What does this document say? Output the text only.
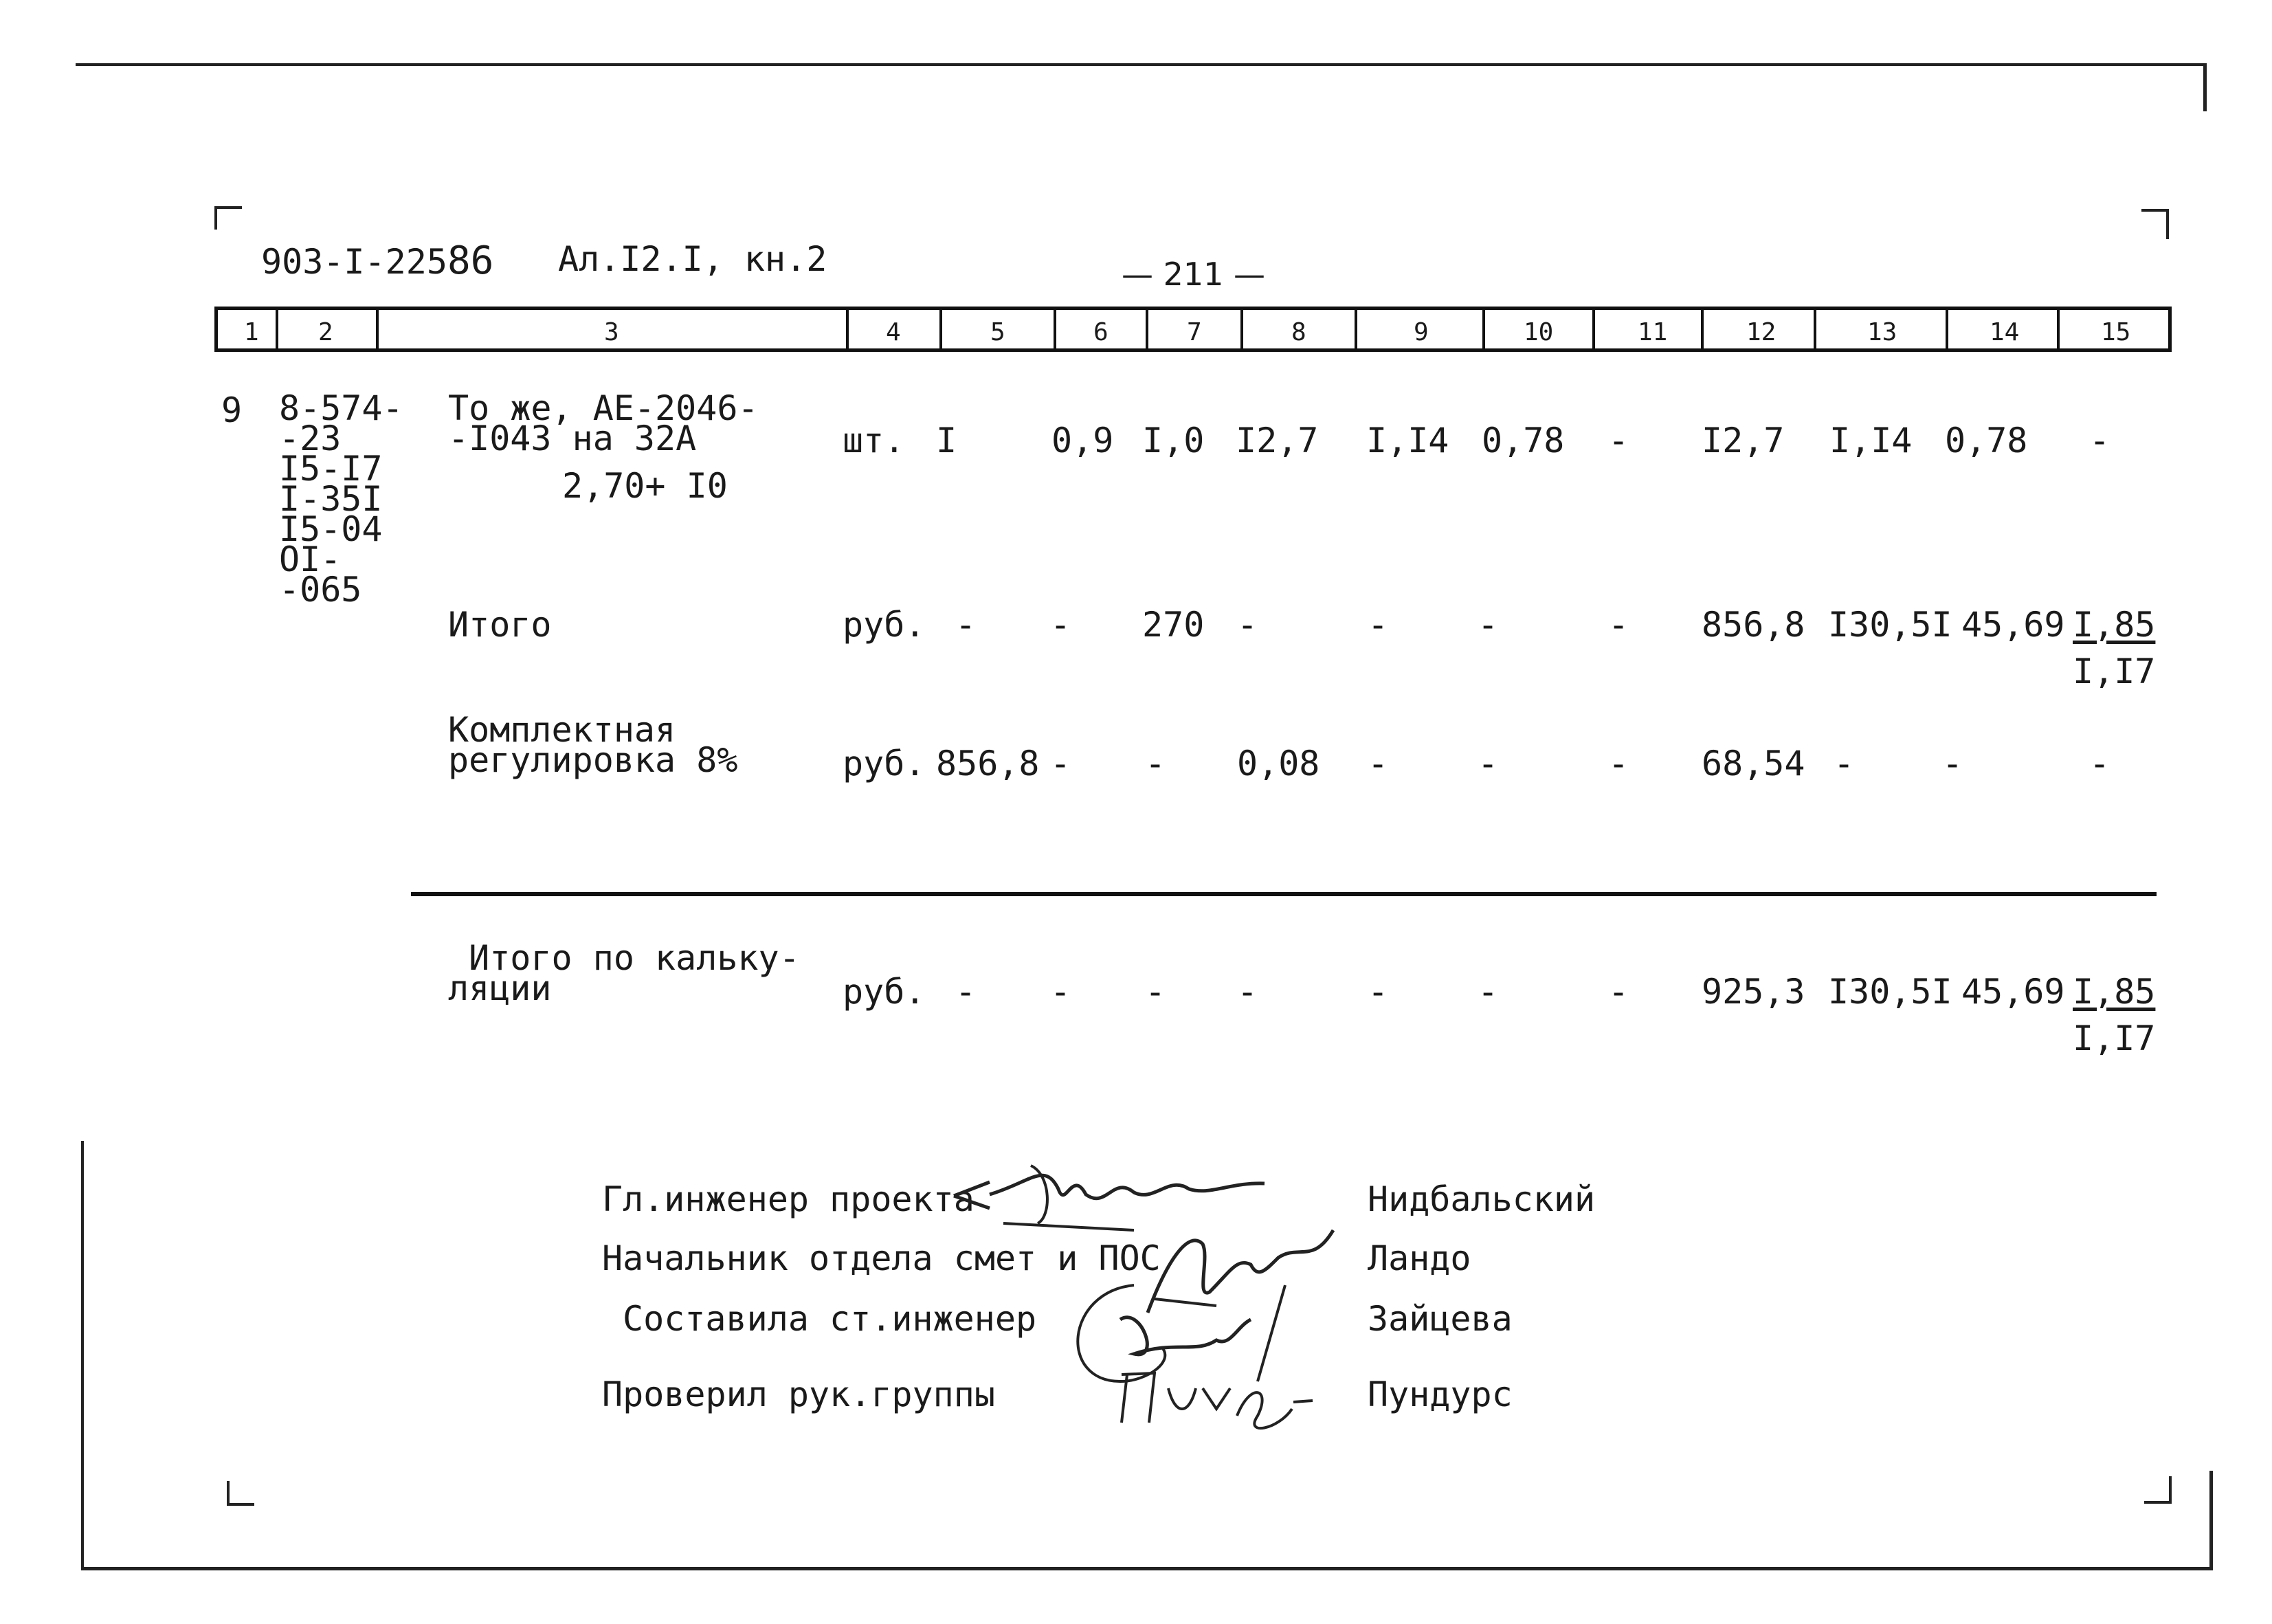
903-I-22586 Ал.I2.I, кн.2	— 211 —
1 2	3	4	5	6	7	8	9	10	11	12	13	14	15
9 8-574-
-23
I5-I7
I-35I
I5-04
OI-
-065
То же, АЕ-2046-
-I043 на 32А
2,70+ I0
шт. I	0,9 I,0 I2,7 I,I4 0,78 - I2,7 I,I4 0,78 -
Итого	руб. - - 270 -	-	-	- 856,8 I30,5I 45,69 I,85
I,I7
Комплектная
регулировка 8%	руб. 856,8 - - 0,08 -	-	- 68,54 -	-	-
Итого по кальку-
ляции	руб. - - - -	-	-	- 925,3 I30,5I 45,69 I,85
I,I7
Гл.инженер проекта	Нидбальский
Начальник отдела смет и ПОС	Ландо
Составила ст.инженер	Зайцева
Проверил рук.группы	Пундурс
